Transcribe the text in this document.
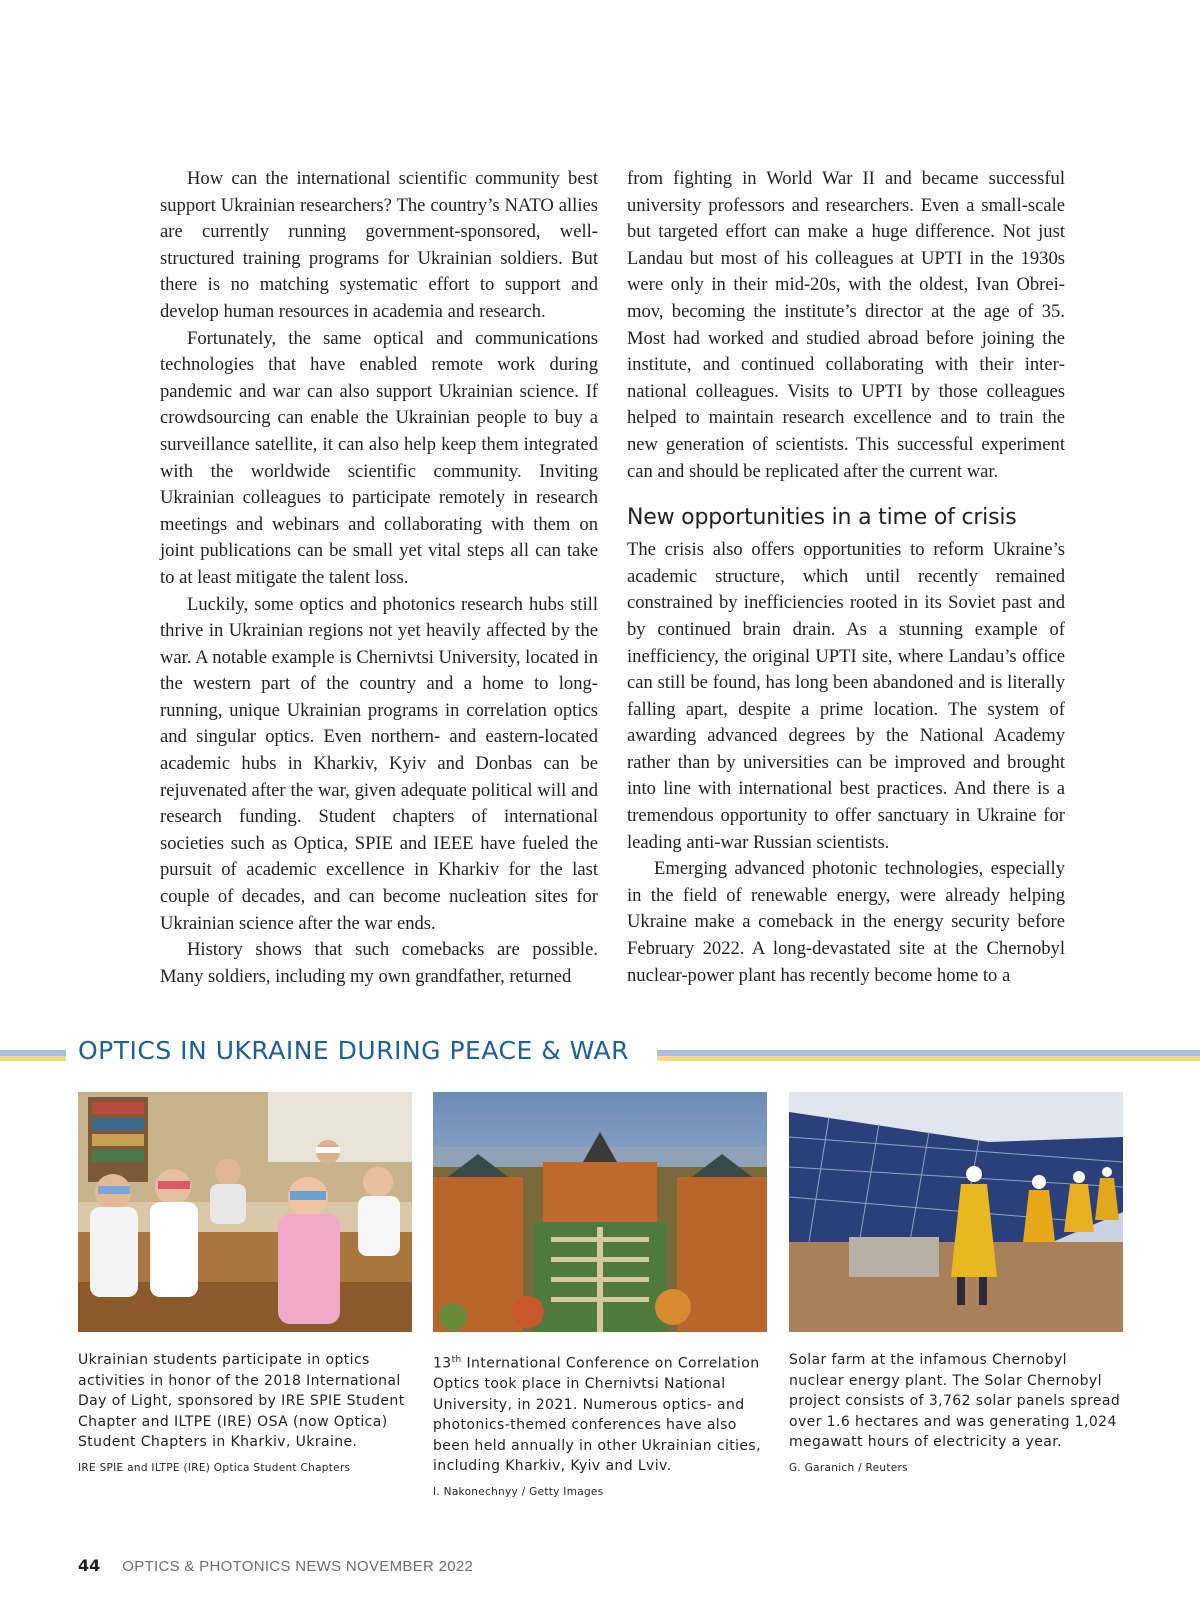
How can the international scientific community best support Ukrainian researchers? The country’s NATO allies are currently running government-sponsored, well-structured training programs for Ukrainian soldiers. But there is no matching systematic effort to support and develop human resources in academia and research.

Fortunately, the same optical and communications technologies that have enabled remote work during pandemic and war can also support Ukrainian science. If crowdsourcing can enable the Ukrainian people to buy a surveillance satellite, it can also help keep them integrated with the worldwide scientific community. Inviting Ukrainian colleagues to participate remotely in research meetings and webinars and collaborating with them on joint publications can be small yet vital steps all can take to at least mitigate the talent loss.

Luckily, some optics and photonics research hubs still thrive in Ukrainian regions not yet heavily affected by the war. A notable example is Chernivtsi University, located in the western part of the country and a home to long-running, unique Ukrainian programs in correlation optics and singular optics. Even northern- and eastern-located academic hubs in Kharkiv, Kyiv and Donbas can be rejuvenated after the war, given adequate political will and research funding. Student chapters of international societies such as Optica, SPIE and IEEE have fueled the pursuit of academic excellence in Kharkiv for the last couple of decades, and can become nucleation sites for Ukrainian science after the war ends.

History shows that such comebacks are possible. Many soldiers, including my own grandfather, returned

from fighting in World War II and became successful university professors and researchers. Even a small-scale but targeted effort can make a huge difference. Not just Landau but most of his colleagues at UPTI in the 1930s were only in their mid-20s, with the oldest, Ivan Obreimov, becoming the institute’s director at the age of 35. Most had worked and studied abroad before joining the institute, and continued collaborating with their international colleagues. Visits to UPTI by those colleagues helped to maintain research excellence and to train the new generation of scientists. This successful experiment can and should be replicated after the current war.

New opportunities in a time of crisis

The crisis also offers opportunities to reform Ukraine’s academic structure, which until recently remained constrained by inefficiencies rooted in its Soviet past and by continued brain drain. As a stunning example of inefficiency, the original UPTI site, where Landau’s office can still be found, has long been abandoned and is literally falling apart, despite a prime location. The system of awarding advanced degrees by the National Academy rather than by universities can be improved and brought into line with international best practices. And there is a tremendous opportunity to offer sanctuary in Ukraine for leading anti-war Russian scientists.

Emerging advanced photonic technologies, especially in the field of renewable energy, were already helping Ukraine make a comeback in the energy security before February 2022. A long-devastated site at the Chernobyl nuclear-power plant has recently become home to a

OPTICS IN UKRAINE DURING PEACE & WAR
Ukrainian students participate in optics activities in honor of the 2018 International Day of Light, sponsored by IRE SPIE Student Chapter and ILTPE (IRE) OSA (now Optica) Student Chapters in Kharkiv, Ukraine.
IRE SPIE and ILTPE (IRE) Optica Student Chapters
13th International Conference on Correlation Optics took place in Chernivtsi National University, in 2021. Numerous optics- and photonics-themed conferences have also been held annually in other Ukrainian cities, including Kharkiv, Kyiv and Lviv.
I. Nakonechnyy / Getty Images
Solar farm at the infamous Chernobyl nuclear energy plant. The Solar Chernobyl project consists of 3,762 solar panels spread over 1.6 hectares and was generating 1,024 megawatt hours of electricity a year.
G. Garanich / Reuters
44 OPTICS & PHOTONICS NEWS NOVEMBER 2022
